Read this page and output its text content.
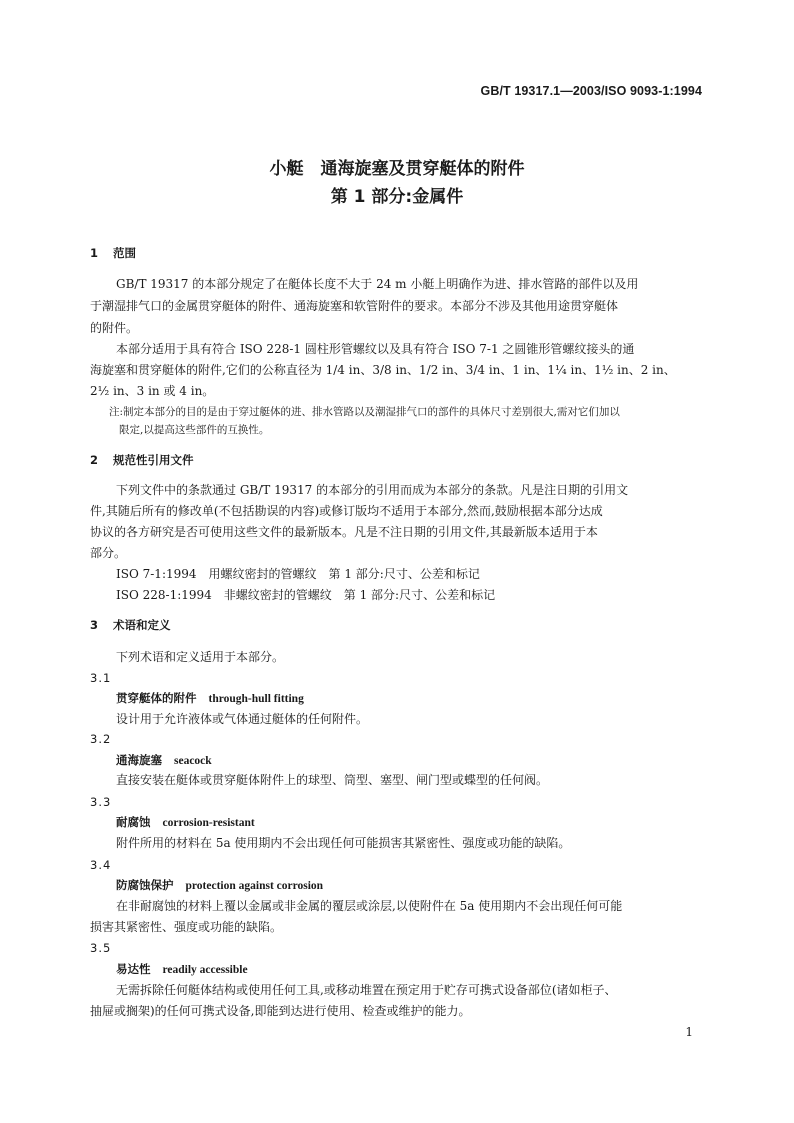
GB/T 19317.1—2003/ISO 9093-1:1994
小艇　通海旋塞及贯穿艇体的附件
第 1 部分:金属件
1 范围
GB/T 19317 的本部分规定了在艇体长度不大于 24 m 小艇上明确作为进、排水管路的部件以及用
于潮湿排气口的金属贯穿艇体的附件、通海旋塞和软管附件的要求。本部分不涉及其他用途贯穿艇体
的附件。
本部分适用于具有符合 ISO 228-1 圆柱形管螺纹以及具有符合 ISO 7-1 之圆锥形管螺纹接头的通
海旋塞和贯穿艇体的附件,它们的公称直径为 1/4 in、3/8 in、1/2 in、3/4 in、1 in、1¼ in、1½ in、2 in、
2½ in、3 in 或 4 in。
注:制定本部分的目的是由于穿过艇体的进、排水管路以及潮湿排气口的部件的具体尺寸差别很大,需对它们加以
限定,以提高这些部件的互换性。
2 规范性引用文件
下列文件中的条款通过 GB/T 19317 的本部分的引用而成为本部分的条款。凡是注日期的引用文
件,其随后所有的修改单(不包括勘误的内容)或修订版均不适用于本部分,然而,鼓励根据本部分达成
协议的各方研究是否可使用这些文件的最新版本。凡是不注日期的引用文件,其最新版本适用于本
部分。
ISO 7-1:1994　用螺纹密封的管螺纹　第 1 部分:尺寸、公差和标记
ISO 228-1:1994　非螺纹密封的管螺纹　第 1 部分:尺寸、公差和标记
3 术语和定义
下列术语和定义适用于本部分。
3.1
贯穿艇体的附件 through-hull fitting
设计用于允许液体或气体通过艇体的任何附件。
3.2
通海旋塞 seacock
直接安装在艇体或贯穿艇体附件上的球型、筒型、塞型、闸门型或蝶型的任何阀。
3.3
耐腐蚀 corrosion-resistant
附件所用的材料在 5a 使用期内不会出现任何可能损害其紧密性、强度或功能的缺陷。
3.4
防腐蚀保护 protection against corrosion
在非耐腐蚀的材料上覆以金属或非金属的覆层或涂层,以使附件在 5a 使用期内不会出现任何可能
损害其紧密性、强度或功能的缺陷。
3.5
易达性 readily accessible
无需拆除任何艇体结构或使用任何工具,或移动堆置在预定用于贮存可携式设备部位(诸如柜子、
抽屉或搁架)的任何可携式设备,即能到达进行使用、检查或维护的能力。
1
